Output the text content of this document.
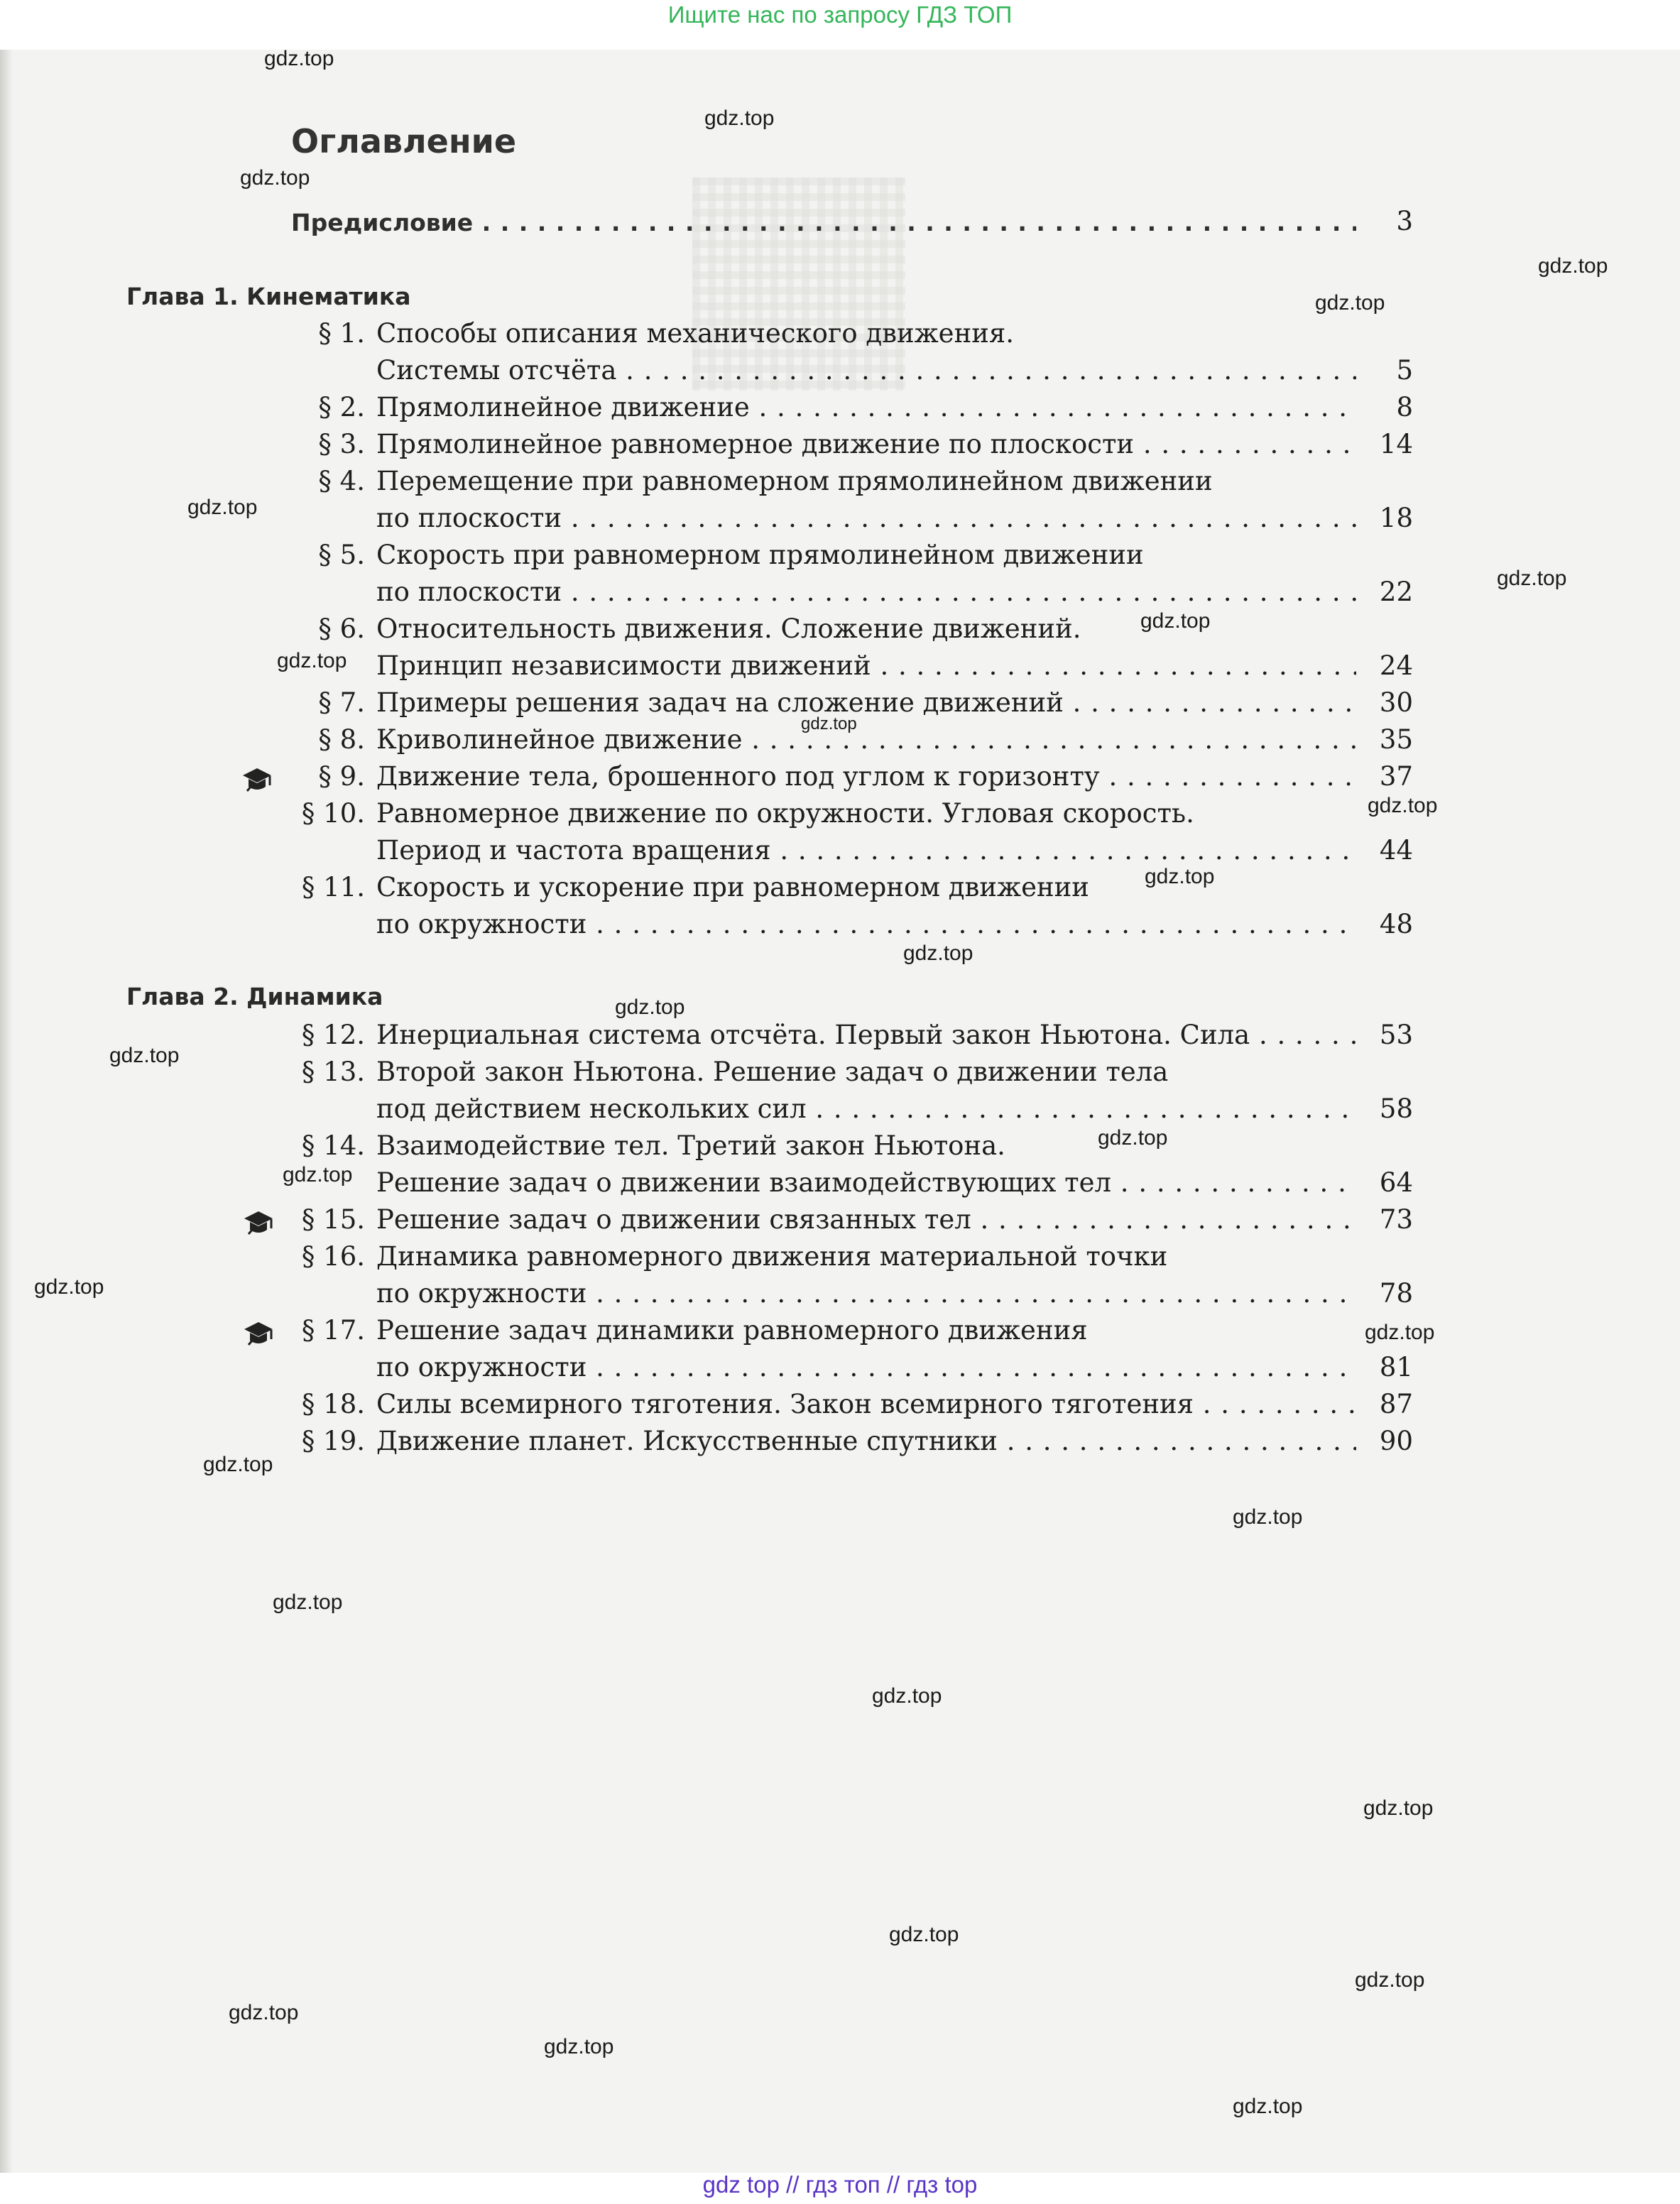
Ищите нас по запросу ГДЗ ТОП
Оглавление
Предисловие . . .	3
Глава 1. Кинематика
§ 1. Способы описания механического движения.
Системы отсчёта . . .	5
§ 2. Прямолинейное движение . . .	8
§ 3. Прямолинейное равномерное движение по плоскости . . .	14
§ 4. Перемещение при равномерном прямолинейном движении
по плоскости . . .	18
§ 5. Скорость при равномерном прямолинейном движении
по плоскости . . .	22
§ 6. Относительность движения. Сложение движений.
Принцип независимости движений . . .	24
§ 7. Примеры решения задач на сложение движений . . .	30
§ 8. Криволинейное движение . . .	35
§ 9. Движение тела, брошенного под углом к горизонту . . .	37
§ 10. Равномерное движение по окружности. Угловая скорость.
Период и частота вращения . . .	44
§ 11. Скорость и ускорение при равномерном движении
по окружности . . .	48
Глава 2. Динамика
§ 12. Инерциальная система отсчёта. Первый закон Ньютона. Сила . . .	53
§ 13. Второй закон Ньютона. Решение задач о движении тела
под действием нескольких сил . . .	58
§ 14. Взаимодействие тел. Третий закон Ньютона.
Решение задач о движении взаимодействующих тел . . .	64
§ 15. Решение задач о движении связанных тел . . .	73
§ 16. Динамика равномерного движения материальной точки
по окружности . . .	78
§ 17. Решение задач динамики равномерного движения
по окружности . . .	81
§ 18. Силы всемирного тяготения. Закон всемирного тяготения . . .	87
§ 19. Движение планет. Искусственные спутники . . .	90
gdz.top
gdz.top
gdz.top
gdz.top
gdz.top
gdz.top
gdz.top
gdz.top
gdz.top
gdz.top
gdz.top
gdz.top
gdz.top
gdz.top
gdz.top
gdz.top
gdz.top
gdz.top
gdz.top
gdz.top
gdz.top
gdz.top
gdz.top
gdz.top
gdz.top
gdz.top
gdz.top
gdz.top
gdz.top
gdz top // гдз топ // гдз top
